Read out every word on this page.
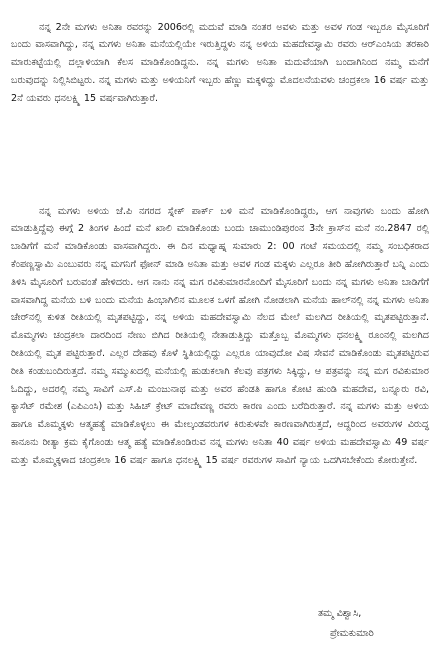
ನನ್ನ 2ನೇ ಮಗಳು ಅನಿತಾ ರವರನ್ನು 2006ರಲ್ಲಿ ಮದುವೆ ಮಾಡಿ ನಂತರ ಅವಳು ಮತ್ತು ಅವಳ ಗಂಡ ಇಬ್ಬರೂ ಮೈಸೂರಿಗೆ ಬಂದು ವಾಸವಾಗಿದ್ದು, ನನ್ನ ಮಗಳು ಅನಿತಾ ಮನೆಯಲ್ಲಿಯೇ ಇರುತ್ತಿದ್ದಳು ನನ್ನ ಅಳಿಯ ಮಹದೇವಸ್ವಾಮಿ ರವರು ಆರ್‌ಎಂಸಿಯ ತರಕಾರಿ ಮಾರುಕಟ್ಟೆಯಲ್ಲಿ ದಲ್ಲಾಳಿಯಾಗಿ ಕೆಲಸ ಮಾಡಿಕೊಂಡಿದ್ದನು. ನನ್ನ ಮಗಳು ಅನಿತಾ ಮದುವೆಯಾಗಿ ಬಂದಾಗಿನಿಂದ ನಮ್ಮ ಮನೆಗೆ ಬರುವುದನ್ನು ನಿಲ್ಲಿಸಿಬಿಟ್ಟರು. ನನ್ನ ಮಗಳು ಮತ್ತು ಅಳಿಯನಿಗೆ ಇಬ್ಬರು ಹೆಣ್ಣು ಮಕ್ಕಳಿದ್ದು ಮೊದಲನೆಯವಳು ಚಂದ್ರಕಲಾ 16 ವರ್ಷ ಮತ್ತು 2ನೆ ಯವರು ಧನಲಕ್ಷ್ಮಿ 15 ವರ್ಷವಾಗಿರುತ್ತಾರೆ.

ನನ್ನ ಮಗಳು ಅಳಿಯ ಜೆ.ಪಿ ನಗರದ ಸ್ನೇಕ್ ಪಾರ್ಕ್ ಬಳಿ ಮನೆ ಮಾಡಿಕೊಂಡಿದ್ದರು, ಆಗ ನಾವುಗಳು ಬಂದು ಹೋಗಿ ಮಾಡುತ್ತಿದ್ದೆವು ಈಗ್ಗೆ 2 ತಿಂಗಳ ಹಿಂದೆ ಮನೆ ಖಾಲಿ ಮಾಡಿಕೊಂಡು ಬಂದು ಚಾಮುಂಡಿಪುರಂನ 3ನೇ ಕ್ರಾಸ್‌ನ ಮನೆ ನಂ.2847 ರಲ್ಲಿ ಬಾಡಿಗೆಗೆ ಮನೆ ಮಾಡಿಕೊಂಡು ವಾಸವಾಗಿದ್ದರು. ಈ ದಿನ ಮಧ್ಯಾಹ್ನ ಸುಮಾರು 2: 00 ಗಂಟೆ ಸಮಯದಲ್ಲಿ ನಮ್ಮ ಸಂಬಧಿಕರಾದ ಕೆಂಪಣ್ಣಸ್ವಾಮಿ ಎಂಬುವರು ನನ್ನ ಮಗನಿಗೆ ಫೋನ್ ಮಾಡಿ ಅನಿತಾ ಮತ್ತು ಅವಳ ಗಂಡ ಮಕ್ಕಳು ಎಲ್ಲರೂ ತೀರಿ ಹೋಗಿರುತ್ತಾರೆ ಬನ್ನಿ ಎಂದು ತಿಳಿಸಿ ಮೈಸೂರಿಗೆ ಬರುವಂತೆ ಹೇಳಿದರು. ಆಗ ನಾನು ನನ್ನ ಮಗ ರವಿಕುಮಾರನೊಂದಿಗೆ ಮೈಸೂರಿಗೆ ಬಂದು ನನ್ನ ಮಗಳು ಅನಿತಾ ಬಾಡಿಗೆಗೆ ವಾಸವಾಗಿದ್ದ ಮನೆಯ ಬಳಿ ಬಂದು ಮನೆಯ ಹಿಂಭಾಗಿಲಿನ ಮೂಲಕ ಒಳಗೆ ಹೋಗಿ ನೋಡಲಾಗಿ ಮನೆಯ ಹಾಲ್‌ನಲ್ಲಿ ನನ್ನ ಮಗಳು ಅನಿತಾ ಚೇರ್‌ನಲ್ಲಿ ಕುಳಿತ ರೀತಿಯಲ್ಲಿ ಮೃತಪಟ್ಟಿದ್ದು, ನನ್ನ ಅಳಿಯ ಮಹದೇವಸ್ವಾಮಿ ನೆಲದ ಮೇಲೆ ಮಲಗಿದ ರೀತಿಯಲ್ಲಿ ಮೃತಪಟ್ಟಿರುತ್ತಾನೆ. ಮೊಮ್ಮಗಳು ಚಂದ್ರಕಲಾ ದಾರದಿಂದ ನೇಣು ಬಿಗಿದ ರೀತಿಯಲ್ಲಿ ನೇತಾಡುತ್ತಿದ್ದು ಮತ್ತೊಬ್ಬ ಮೊಮ್ಮಗಳು ಧನಲಕ್ಷ್ಮಿ ರೂಂನಲ್ಲಿ ಮಲಗಿದ ರೀತಿಯಲ್ಲಿ ಮೃತ ಪಟ್ಟಿರುತ್ತಾರೆ. ಎಲ್ಲರ ದೇಹವು ಕೊಳೆ ಸ್ಥಿತಿಯಲ್ಲಿದ್ದು ಎಲ್ಲರೂ ಯಾವುದೋ ವಿಷ ಸೇವನೆ ಮಾಡಿಕೊಂಡು ಮೃತಪಟ್ಟಿರುವ ರೀತಿ ಕಂಡುಬಂದಿರುತ್ತದೆ. ನಮ್ಮ ಸಮ್ಮುಖದಲ್ಲಿ ಮನೆಯಲ್ಲಿ ಹುಡುಕಲಾಗಿ ಕೆಲವು ಪತ್ರಗಳು ಸಿಕ್ಕಿದ್ದು, ಆ ಪತ್ರವನ್ನು ನನ್ನ ಮಗ ರವಿಕುಮಾರ ಓದಿದ್ದು, ಅದರಲ್ಲಿ ನಮ್ಮ ಸಾವಿಗೆ ಎಸ್.ಪಿ ಮಂಜುನಾಥ ಮತ್ತು ಅವರ ಹೆಂಡತಿ ಹಾಗೂ ಕೋಟಿ ಹುಂಡಿ ಮಹದೇವ, ಬನ್ನೂರು ರವಿ, ಕ್ಯಾಸೆಟ್ ರಮೇಶ (ಎಪಿಎಂಸಿ) ಮತ್ತು ಸಿಹಿಚ್ ಕ್ರೇಟ್ ಮಾದೇವಣ್ಣ ರವರು ಕಾರಣ ಎಂದು ಬರೆದಿರುತ್ತಾರೆ. ನನ್ನ ಮಗಳು ಮತ್ತು ಅಳಿಯ ಹಾಗೂ ಮೊಮ್ಮಕ್ಕಳು ಆತ್ಮಹತ್ಯೆ ಮಾಡಿಕೊಳ್ಳಲು ಈ ಮೇಲ್ಕಂಡವರುಗಳ ಕಿರುಕುಳವೇ ಕಾರಣವಾಗಿರುತ್ತದೆ, ಆದ್ದರಿಂದ ಅವರುಗಳ ವಿರುದ್ಧ ಕಾನೂನು ರೀತ್ಯಾ ಕ್ರಮ ಕೈಗೊಂಡು ಆತ್ಮ ಹತ್ಯೆ ಮಾಡಿಕೊಂಡಿರುವ ನನ್ನ ಮಗಳು ಅನಿತಾ 40 ವರ್ಷ ಅಳಿಯ ಮಹದೇವಸ್ವಾಮಿ 49 ವರ್ಷ ಮತ್ತು ಮೊಮ್ಮಕ್ಕಳಾದ ಚಂದ್ರಕಲಾ 16 ವರ್ಷ ಹಾಗೂ ಧನಲಕ್ಷ್ಮಿ 15 ವರ್ಷ ರವರುಗಳ ಸಾವಿಗೆ ನ್ಯಾಯ ಒದಗಿಸಬೇಕೆಂದು ಕೋರುತ್ತೇನೆ.

ತಮ್ಮ ವಿಶ್ವಾಸಿ,
ಪ್ರೇಮಕುಮಾರಿ
